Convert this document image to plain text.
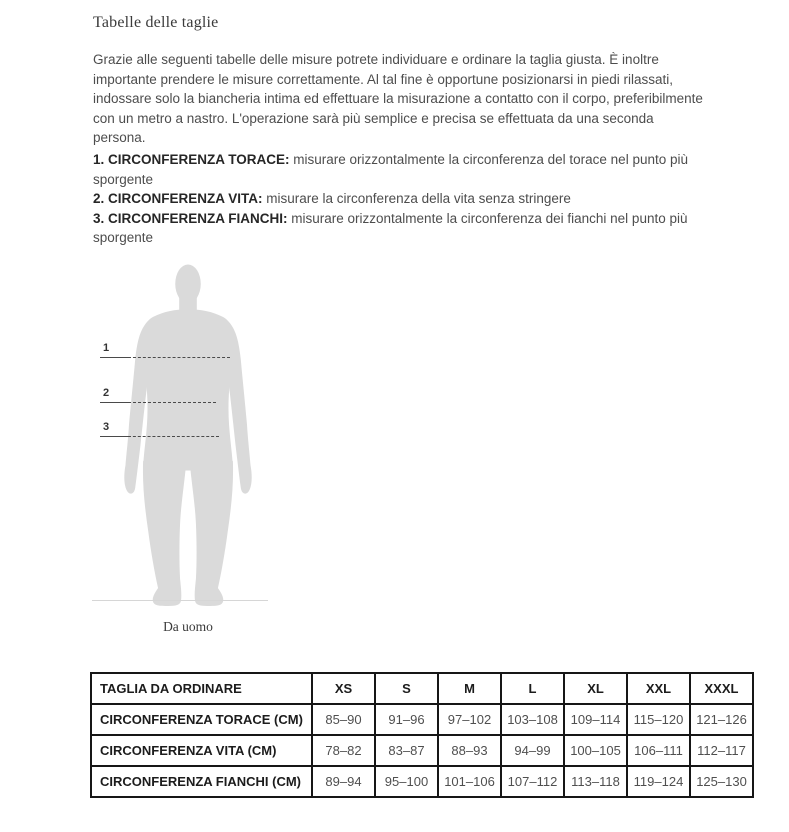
Tabelle delle taglie

Grazie alle seguenti tabelle delle misure potrete individuare e ordinare la taglia giusta. È inoltre importante prendere le misure correttamente. Al tal fine è opportune posizionarsi in piedi rilassati, indossare solo la biancheria intima ed effettuare la misurazione a contatto con il corpo, preferibilmente con un metro a nastro. L'operazione sarà più semplice e precisa se effettuata da una seconda persona.

1. CIRCONFERENZA TORACE: misurare orizzontalmente la circonferenza del torace nel punto più sporgente
2. CIRCONFERENZA VITA: misurare la circonferenza della vita senza stringere
3. CIRCONFERENZA FIANCHI: misurare orizzontalmente la circonferenza dei fianchi nel punto più sporgente
1
2
3
Da uomo
TAGLIA DA ORDINARE	XS	S	M	L	XL	XXL	XXXL
CIRCONFERENZA TORACE (CM)	85–90	91–96	97–102	103–108	109–114	115–120	121–126
CIRCONFERENZA VITA (CM)	78–82	83–87	88–93	94–99	100–105	106–111	112–117
CIRCONFERENZA FIANCHI (CM)	89–94	95–100	101–106	107–112	113–118	119–124	125–130
